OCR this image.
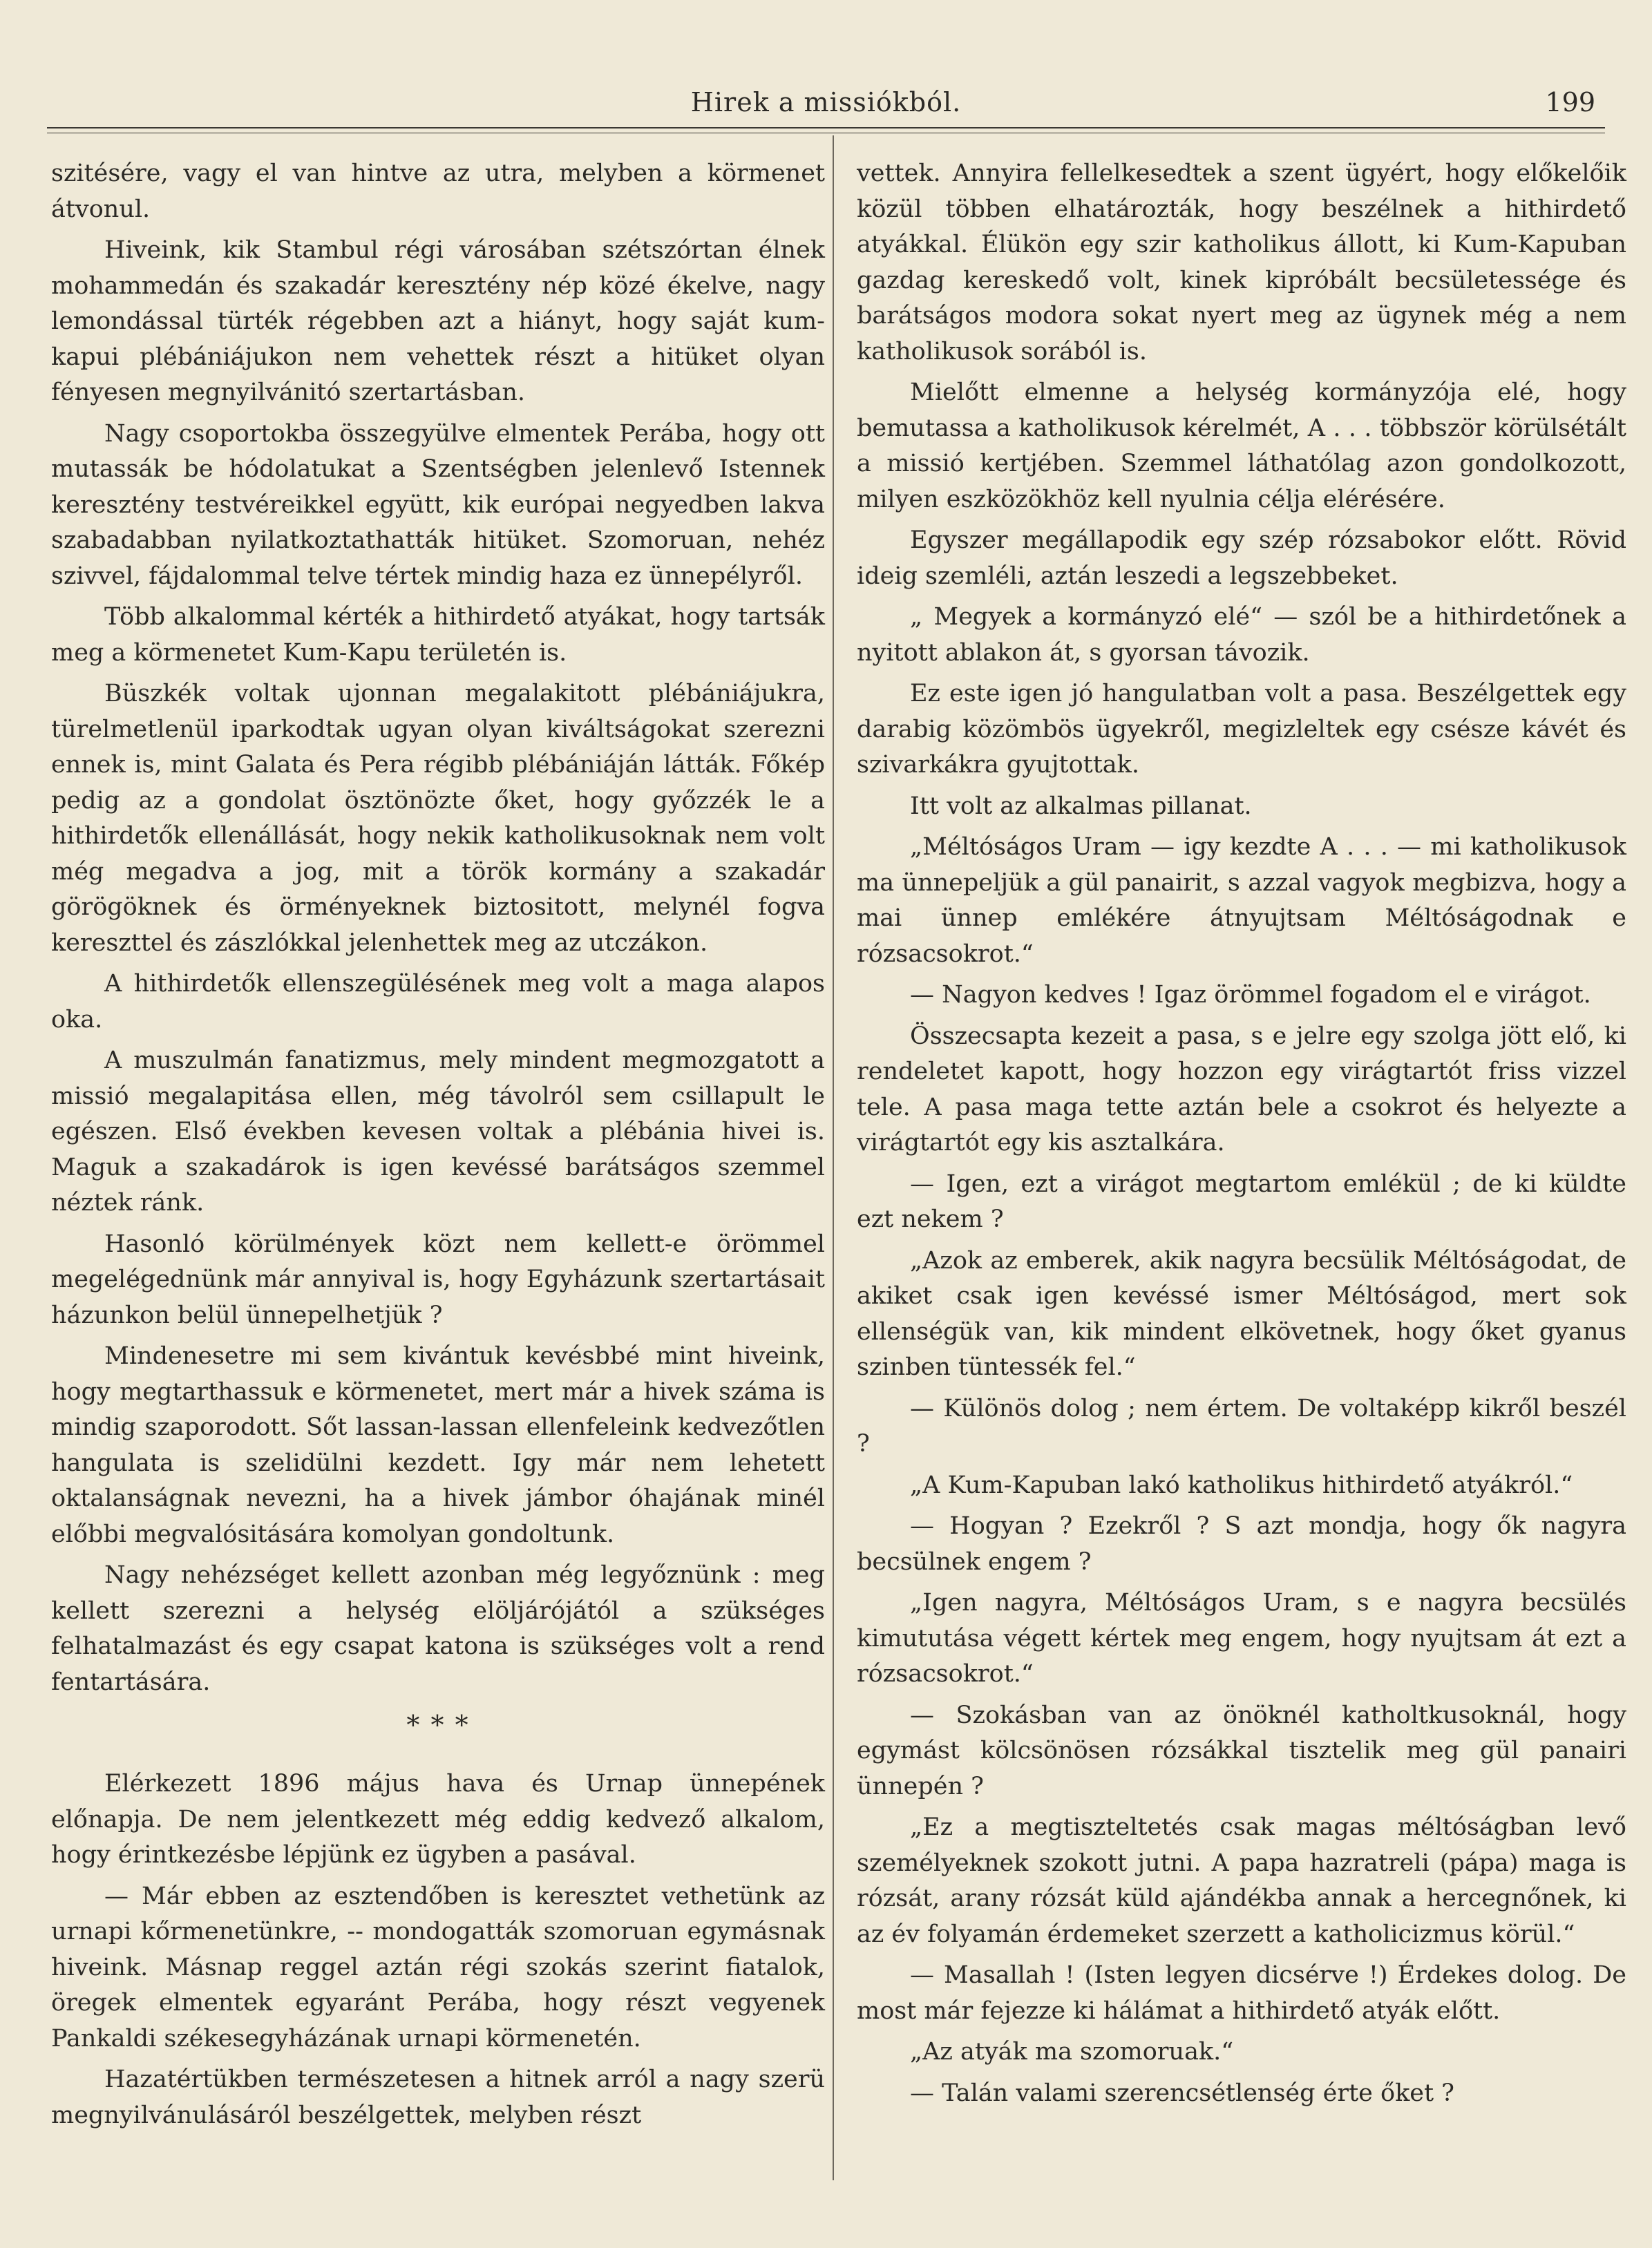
Hirek a missiókból.	199

szitésére, vagy el van hintve az utra, melyben a körmenet átvonul.

Hiveink, kik Stambul régi városában szétszórtan élnek mohammedán és szakadár keresztény nép közé ékelve, nagy lemondással türték régebben azt a hiányt, hogy saját kum-kapui plébániájukon nem vehettek részt a hitüket olyan fényesen megnyilvánitó szertartásban.

Nagy csoportokba összegyülve elmentek Perába, hogy ott mutassák be hódolatukat a Szentségben jelenlevő Istennek keresztény testvéreikkel együtt, kik európai negyedben lakva szabadabban nyilatkoztathatták hitüket. Szomoruan, nehéz szivvel, fájdalommal telve tértek mindig haza ez ünnepélyről.

Több alkalommal kérték a hithirdető atyákat, hogy tartsák meg a körmenetet Kum-Kapu területén is.

Büszkék voltak ujonnan megalakitott plébániájukra, türelmetlenül iparkodtak ugyan olyan kiváltságokat szerezni ennek is, mint Galata és Pera régibb plébániáján látták. Főkép pedig az a gondolat ösztönözte őket, hogy győzzék le a hithirdetők ellenállását, hogy nekik katholikusoknak nem volt még megadva a jog, mit a török kormány a szakadár görögöknek és örményeknek biztositott, melynél fogva kereszttel és zászlókkal jelenhettek meg az utczákon.

A hithirdetők ellenszegülésének meg volt a maga alapos oka.

A muszulmán fanatizmus, mely mindent megmozgatott a missió megalapitása ellen, még távolról sem csillapult le egészen. Első években kevesen voltak a plébánia hivei is. Maguk a szakadárok is igen kevéssé barátságos szemmel néztek ránk.

Hasonló körülmények közt nem kellett-e örömmel megelégednünk már annyival is, hogy Egyházunk szertartásait házunkon belül ünnepelhetjük ?

Mindenesetre mi sem kivántuk kevésbbé mint hiveink, hogy megtarthassuk e körmenetet, mert már a hivek száma is mindig szaporodott. Sőt lassan-lassan ellenfeleink kedvezőtlen hangulata is szelidülni kezdett. Igy már nem lehetett oktalanságnak nevezni, ha a hivek jámbor óhajának minél előbbi megvalósitására komolyan gondoltunk.

Nagy nehézséget kellett azonban még legyőznünk : meg kellett szerezni a helység elöljárójától a szükséges felhatalmazást és egy csapat katona is szükséges volt a rend fentartására.

* * *

Elérkezett 1896 május hava és Urnap ünnepének előnapja. De nem jelentkezett még eddig kedvező alkalom, hogy érintkezésbe lépjünk ez ügyben a pasával.

— Már ebben az esztendőben is keresztet vethetünk az urnapi kőrmenetünkre, -- mondogatták szomoruan egymásnak hiveink. Másnap reggel aztán régi szokás szerint fiatalok, öregek elmentek egyaránt Perába, hogy részt vegyenek Pankaldi székesegyházának urnapi körmenetén.

Hazatértükben természetesen a hitnek arról a nagy szerü megnyilvánulásáról beszélgettek, melyben részt

vettek. Annyira fellelkesedtek a szent ügyért, hogy előkelőik közül többen elhatározták, hogy beszélnek a hithirdető atyákkal. Élükön egy szir katholikus állott, ki Kum-Kapuban gazdag kereskedő volt, kinek kipróbált becsületessége és barátságos modora sokat nyert meg az ügynek még a nem katholikusok sorából is.

Mielőtt elmenne a helység kormányzója elé, hogy bemutassa a katholikusok kérelmét, A . . . többször körülsétált a missió kertjében. Szemmel láthatólag azon gondolkozott, milyen eszközökhöz kell nyulnia célja elérésére.

Egyszer megállapodik egy szép rózsabokor előtt. Rövid ideig szemléli, aztán leszedi a legszebbeket.

„ Megyek a kormányzó elé“ — szól be a hithirdetőnek a nyitott ablakon át, s gyorsan távozik.

Ez este igen jó hangulatban volt a pasa. Beszélgettek egy darabig közömbös ügyekről, megizleltek egy csésze kávét és szivarkákra gyujtottak.

Itt volt az alkalmas pillanat.

„Méltóságos Uram — igy kezdte A . . . — mi katholikusok ma ünnepeljük a gül panairit, s azzal vagyok megbizva, hogy a mai ünnep emlékére átnyujtsam Méltóságodnak e rózsacsokrot.“

— Nagyon kedves ! Igaz örömmel fogadom el e virágot.

Összecsapta kezeit a pasa, s e jelre egy szolga jött elő, ki rendeletet kapott, hogy hozzon egy virágtartót friss vizzel tele. A pasa maga tette aztán bele a csokrot és helyezte a virágtartót egy kis asztalkára.

— Igen, ezt a virágot megtartom emlékül ; de ki küldte ezt nekem ?

„Azok az emberek, akik nagyra becsülik Méltóságodat, de akiket csak igen kevéssé ismer Méltóságod, mert sok ellenségük van, kik mindent elkövetnek, hogy őket gyanus szinben tüntessék fel.“

— Különös dolog ; nem értem. De voltaképp kikről beszél ?

„A Kum-Kapuban lakó katholikus hithirdető atyákról.“

— Hogyan ? Ezekről ? S azt mondja, hogy ők nagyra becsülnek engem ?

„Igen nagyra, Méltóságos Uram, s e nagyra becsülés kimututása végett kértek meg engem, hogy nyujtsam át ezt a rózsacsokrot.“

— Szokásban van az önöknél katholtkusoknál, hogy egymást kölcsönösen rózsákkal tisztelik meg gül panairi ünnepén ?

„Ez a megtiszteltetés csak magas méltóságban levő személyeknek szokott jutni. A papa hazratreli (pápa) maga is rózsát, arany rózsát küld ajándékba annak a hercegnőnek, ki az év folyamán érdemeket szerzett a katholicizmus körül.“

— Masallah ! (Isten legyen dicsérve !) Érdekes dolog. De most már fejezze ki hálámat a hithirdető atyák előtt.

„Az atyák ma szomoruak.“

— Talán valami szerencsétlenség érte őket ?
